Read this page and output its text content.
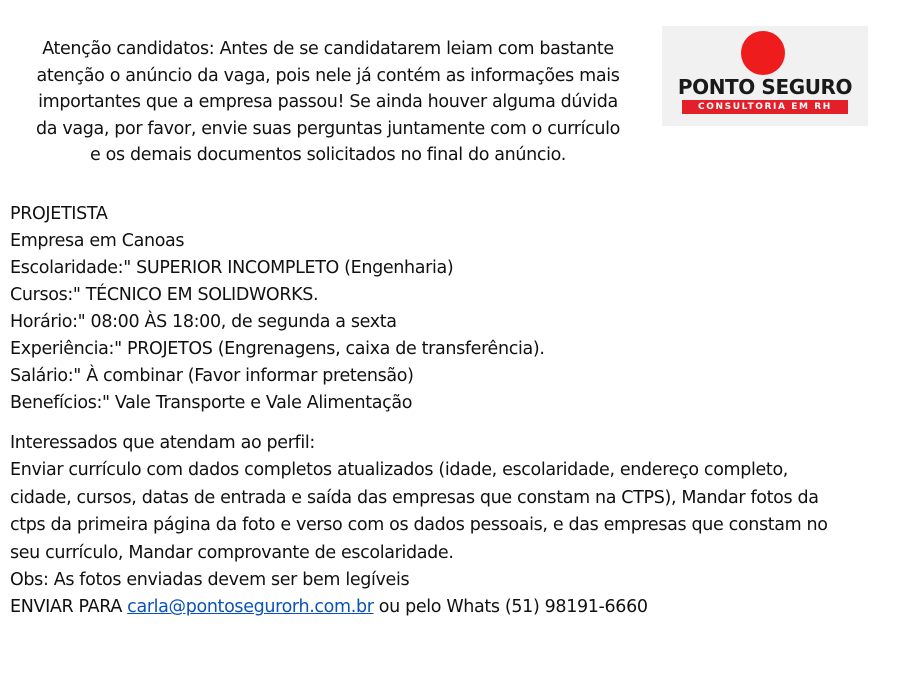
Atenção candidatos: Antes de se candidatarem leiam com bastante
atenção o anúncio da vaga, pois nele já contém as informações mais
importantes que a empresa passou! Se ainda houver alguma dúvida
da vaga, por favor, envie suas perguntas juntamente com o currículo
e os demais documentos solicitados no final do anúncio.
PONTO SEGURO
CONSULTORIA EM RH
PROJETISTA
Empresa em Canoas
Escolaridade:" SUPERIOR INCOMPLETO (Engenharia)
Cursos:" TÉCNICO EM SOLIDWORKS.
Horário:" 08:00 ÀS 18:00, de segunda a sexta
Experiência:" PROJETOS (Engrenagens, caixa de transferência).
Salário:" À combinar (Favor informar pretensão)
Benefícios:" Vale Transporte e Vale Alimentação
Interessados que atendam ao perfil:
Enviar currículo com dados completos atualizados (idade, escolaridade, endereço completo,
cidade, cursos, datas de entrada e saída das empresas que constam na CTPS), Mandar fotos da
ctps da primeira página da foto e verso com os dados pessoais, e das empresas que constam no
seu currículo, Mandar comprovante de escolaridade.
Obs: As fotos enviadas devem ser bem legíveis
ENVIAR PARA carla@pontosegurorh.com.br ou pelo Whats (51) 98191-6660
